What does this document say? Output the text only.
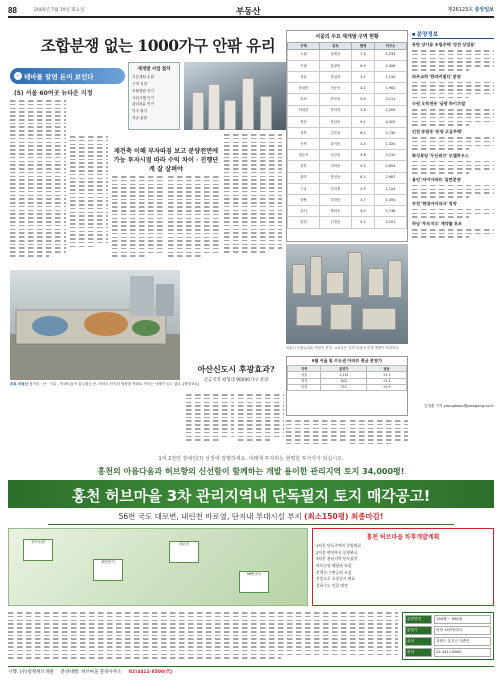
88	2005년 7월 19일 화요일	부동산	제26123호 중앙일보
조합분쟁 없는 1000가구 안팎 유리
✓ 테마를 알면 돈이 보인다
(5) 서울 60여곳 뉴타운 지정
재개발 사업 절차
기본계획 수립
구역 지정
조합설립 인가
사업시행 인가
관리처분 인가
이주·철거
착공·분양
재건축 이해 부자따짐 보고 분양전면에 가능 투자시점 따라 수익 차이 · 진행단계 잘 살펴야
서울의 주요 재개발 구역 현황
구역	위치	면적	가구수
노원	상계동	7.3	1,233
은평	불광동	6.9	2,456
성동	왕십리	3.1	1,510
동대문	전농동	4.2	1,982
마포	아현동	5.6	3,111
서대문	북아현	2.8	1,204
용산	한남동	9.1	4,025
성북	길음동	6.2	2,730
동작	흑석동	3.4	1,320
영등포	신길동	4.8	2,210
강북	미아동	5.5	2,654
관악	봉천동	6.1	2,987
구로	가리봉	2.9	1,120
중랑	중화동	3.7	1,455
강서	방화동	4.0	1,738
양천	신정동	5.2	2,101
■ 분양정보
동탄 상가용 조립주택 '성전 상업용'
파주교하 '한라비발디' 분양
수원 오목천동 '남광 하이츠빌'
인천 송림동 '동양 고급주택'
화성봉담 '두산위브' 모델하우스
용인 '자이아파트' 일반분양
부천 '현대아이파크' 청약
하남 '푸르지오' 계약률 호조
서울시 은평뉴타운 예정지 전경. 뉴타운은 지역 특성에 맞게 개발이 이뤄진다.
포토 부동산 볼거리 · 산 · 구름 – 아파트놀이 울긋불긋 옷. 아파트 단지의 담장을 벽화로 꾸미는 사례가 늘고 있다. [중앙포토]
아산신도시 후광효과?
신금지역 평형대 90000가구 분양
6월 서울 및 수도권 아파트 평균 분양가
지역	분양가	변동
서울	1,213	+2.1
경기	843	+1.4
인천	712	+0.9
김영훈 기자 younghoon@joongang.co.kr
1억 2천만 장애인(?) 상징에 감명하세요. 미래에 투자하는 현명한 투자자가 되십시오.
홍천의 아름다움과 허브향의 신선함이 함께하는 개발 용이한 관리지역 토지 34,000평!
홍천 허브마을 3차 관리지역내 단독필지 토지 매각공고!
56번 국도 대로변, 내린천 바로옆, 단지내 부대시설 부지 (최소150평) 최종마감!
허브농원
펜션단지
내린천
56번국도
홍천 허브마을 차후개발계획
1차분 단독주택지 분양완료
2차분 펜션부지 분양완료
3차분 관리지역 단독필지
허브농원·체험관 조성
산책로·수변공원 조성
진입도로 포장공사 완료
상하수도 인입 예정
분양면적	150평 ~ 500평
분양가	평당 15만원부터
위치	강원도 홍천군 내촌면
문의	02-3411-8500
시행: (주)청정허브개발 분양대행: 허브마을 분양사무소 02)3411-8500(代)
